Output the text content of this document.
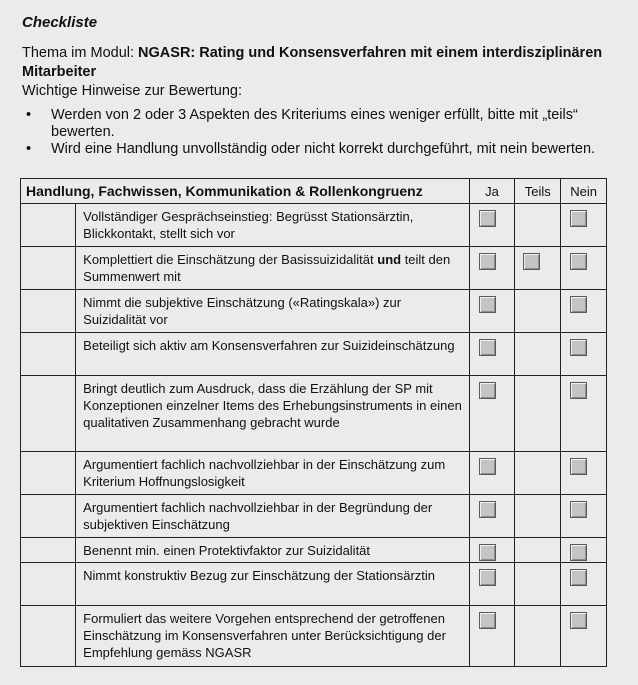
Checkliste
Thema im Modul: NGASR: Rating und Konsensverfahren mit einem interdisziplinären Mitarbeiter
Wichtige Hinweise zur Bewertung:
• Werden von 2 oder 3 Aspekten des Kriteriums eines weniger erfüllt, bitte mit „teils“ bewerten.
• Wird eine Handlung unvollständig oder nicht korrekt durchgeführt, mit nein bewerten.
Handlung, Fachwissen, Kommunikation & Rollenkongruenz		Ja	Teils	Nein
	Vollständiger Gesprächseinstieg: Begrüsst Stationsärztin, Blickkontakt, stellt sich vor	

	Komplettiert die Einschätzung der Basissuizidalität und teilt den Summenwert mit	

	Nimmt die subjektive Einschätzung («Ratingskala») zur Suizidalität vor	

	Beteiligt sich aktiv am Konsensverfahren zur Suizideinschätzung	

	Bringt deutlich zum Ausdruck, dass die Erzählung der SP mit Konzeptionen einzelner Items des Erhebungsinstruments in einen qualitativen Zusammenhang gebracht wurde	

	Argumentiert fachlich nachvollziehbar in der Einschätzung zum Kriterium Hoffnungslosigkeit	

	Argumentiert fachlich nachvollziehbar in der Begründung der subjektiven Einschätzung	

	Benennt min. einen Protektivfaktor zur Suizidalität	

	Nimmt konstruktiv Bezug zur Einschätzung der Stationsärztin	

	Formuliert das weitere Vorgehen entsprechend der getroffenen Einschätzung im Konsensverfahren unter Berücksichtigung der Empfehlung gemäss NGASR	
